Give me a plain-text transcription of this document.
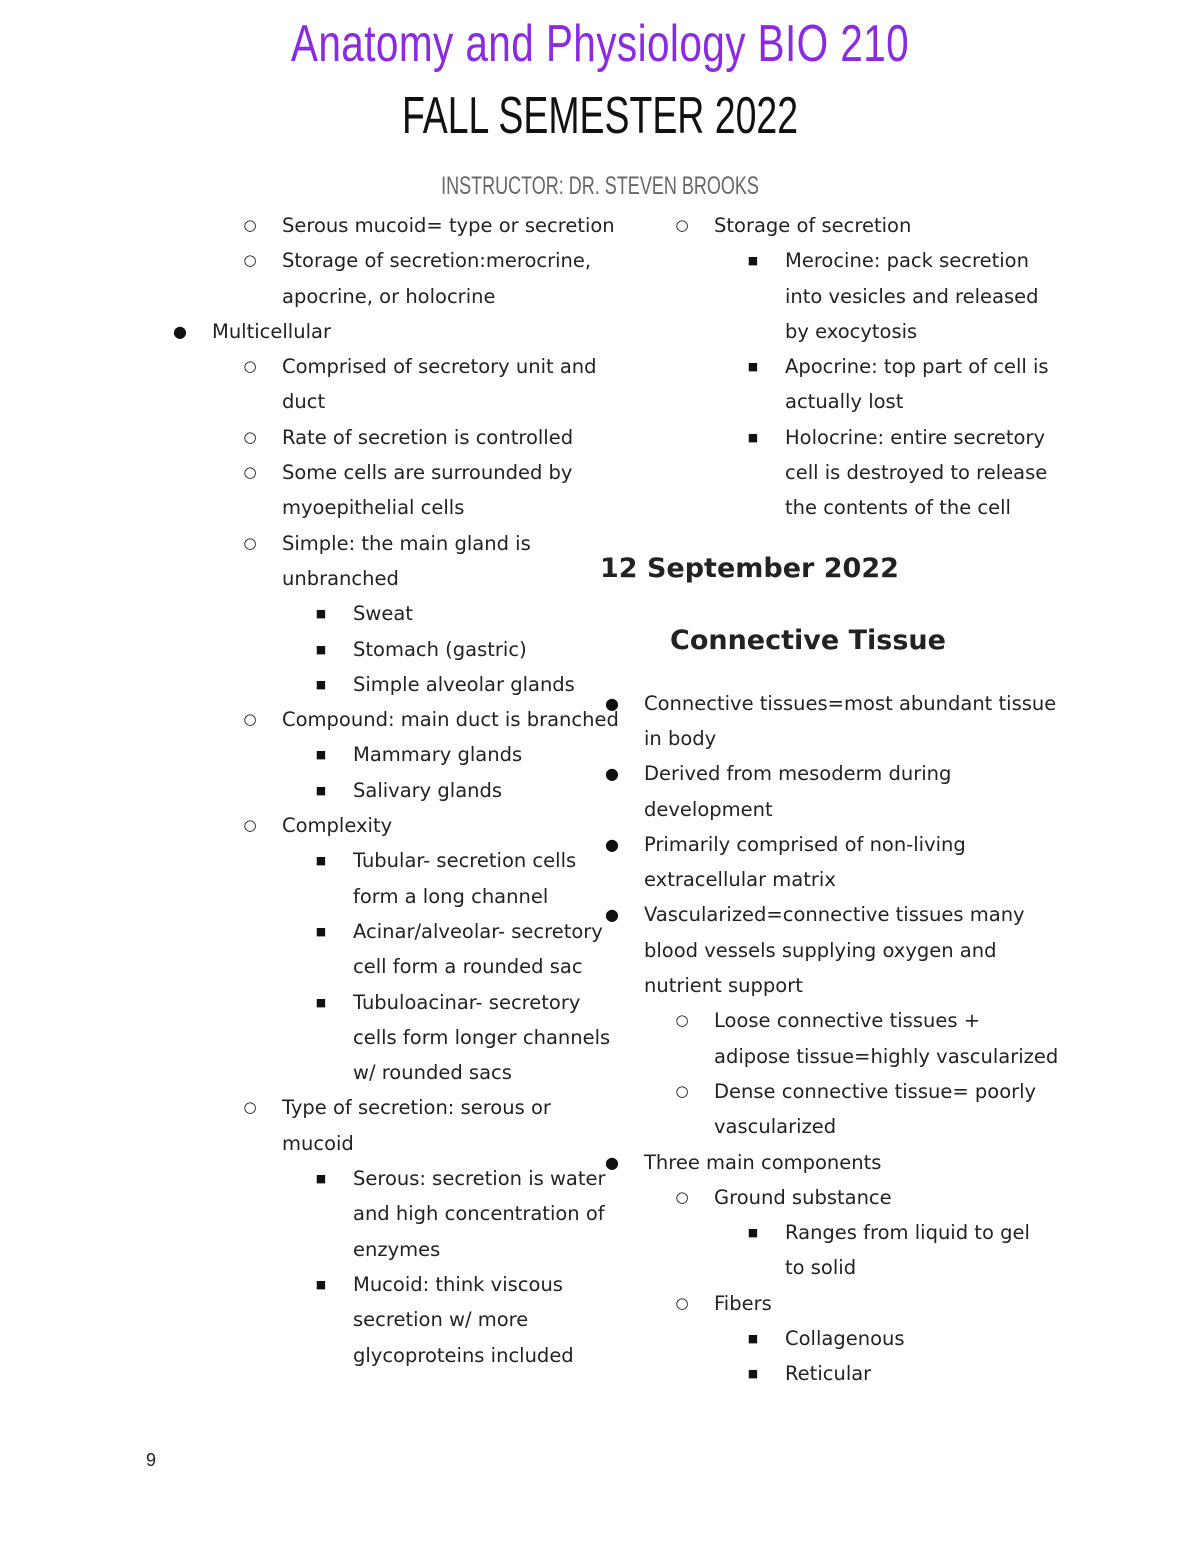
Anatomy and Physiology BIO 210
FALL SEMESTER 2022
INSTRUCTOR: DR. STEVEN BROOKS
○ Serous mucoid= type or secretion
○ Storage of secretion:merocrine,
apocrine, or holocrine
● Multicellular
○ Comprised of secretory unit and
duct
○ Rate of secretion is controlled
○ Some cells are surrounded by
myoepithelial cells
○ Simple: the main gland is
unbranched
■ Sweat
■ Stomach (gastric)
■ Simple alveolar glands
○ Compound: main duct is branched
■ Mammary glands
■ Salivary glands
○ Complexity
■ Tubular- secretion cells
form a long channel
■ Acinar/alveolar- secretory
cell form a rounded sac
■ Tubuloacinar- secretory
cells form longer channels
w/ rounded sacs
○ Type of secretion: serous or
mucoid
■ Serous: secretion is water
and high concentration of
enzymes
■ Mucoid: think viscous
secretion w/ more
glycoproteins included
○ Storage of secretion
■ Merocine: pack secretion
into vesicles and released
by exocytosis
■ Apocrine: top part of cell is
actually lost
■ Holocrine: entire secretory
cell is destroyed to release
the contents of the cell
12 September 2022
Connective Tissue
● Connective tissues=most abundant tissue
in body
● Derived from mesoderm during
development
● Primarily comprised of non-living
extracellular matrix
● Vascularized=connective tissues many
blood vessels supplying oxygen and
nutrient support
○ Loose connective tissues +
adipose tissue=highly vascularized
○ Dense connective tissue= poorly
vascularized
● Three main components
○ Ground substance
■ Ranges from liquid to gel
to solid
○ Fibers
■ Collagenous
■ Reticular
9
